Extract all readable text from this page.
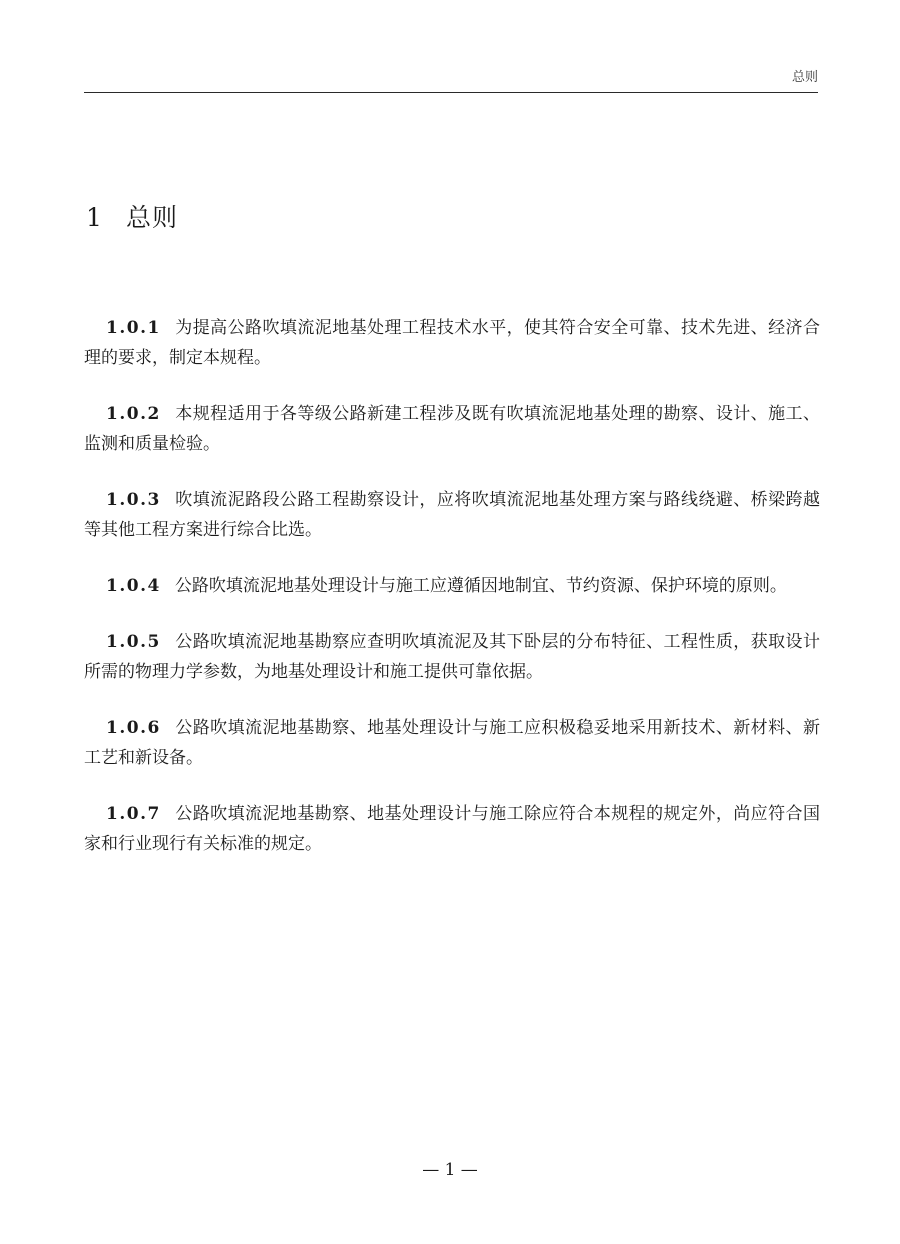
总则
1 总则

1.0.1 为提高公路吹填流泥地基处理工程技术水平，使其符合安全可靠、技术先进、经济合理的要求，制定本规程。

1.0.2 本规程适用于各等级公路新建工程涉及既有吹填流泥地基处理的勘察、设计、施工、监测和质量检验。

1.0.3 吹填流泥路段公路工程勘察设计，应将吹填流泥地基处理方案与路线绕避、桥梁跨越等其他工程方案进行综合比选。

1.0.4 公路吹填流泥地基处理设计与施工应遵循因地制宜、节约资源、保护环境的原则。

1.0.5 公路吹填流泥地基勘察应查明吹填流泥及其下卧层的分布特征、工程性质，获取设计所需的物理力学参数，为地基处理设计和施工提供可靠依据。

1.0.6 公路吹填流泥地基勘察、地基处理设计与施工应积极稳妥地采用新技术、新材料、新工艺和新设备。

1.0.7 公路吹填流泥地基勘察、地基处理设计与施工除应符合本规程的规定外，尚应符合国家和行业现行有关标准的规定。

— 1 —
